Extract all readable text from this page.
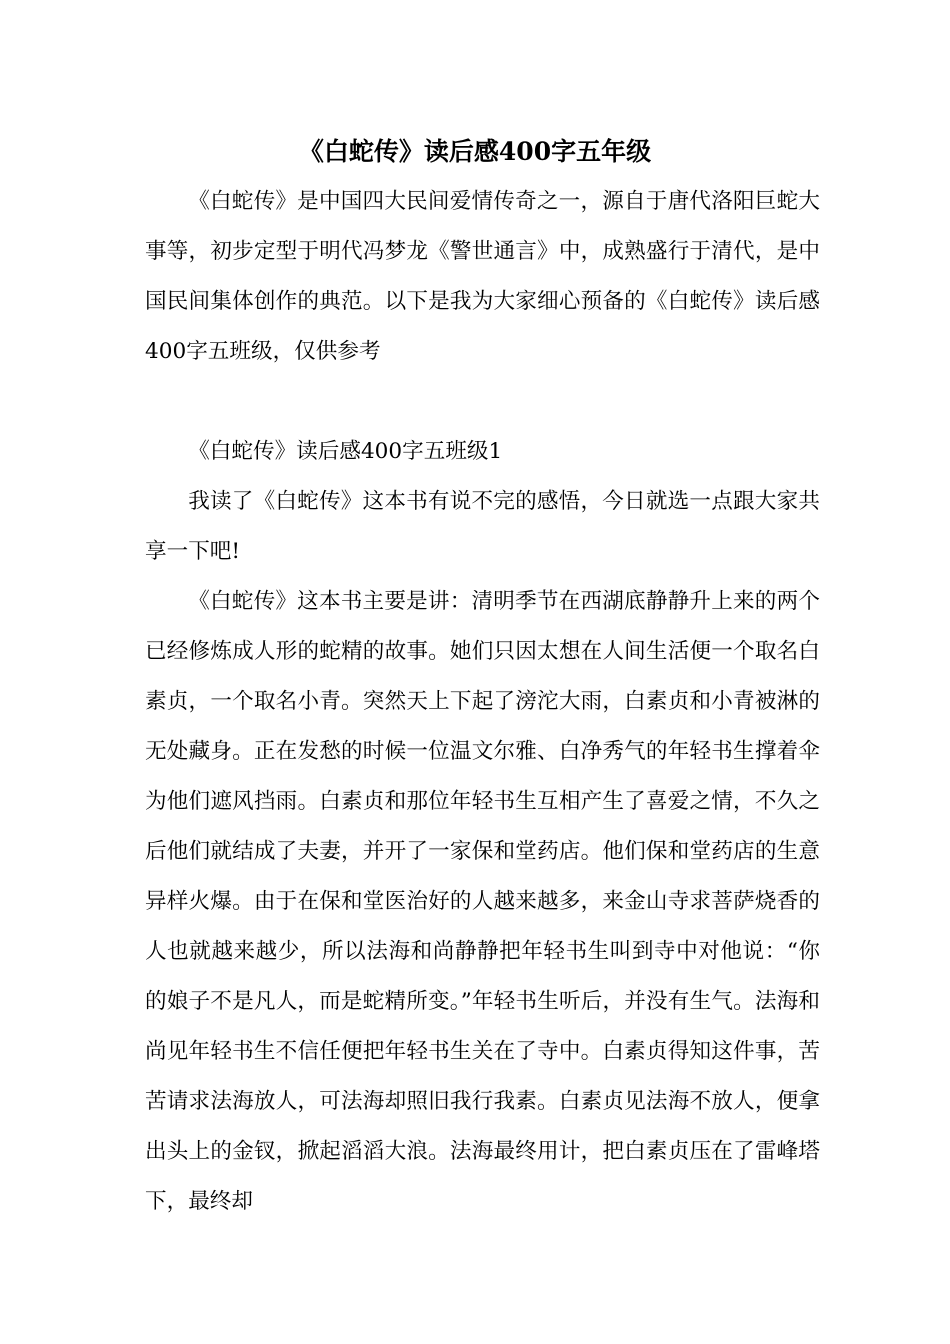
《白蛇传》读后感400字五年级

《白蛇传》是中国四大民间爱情传奇之一，源自于唐代洛阳巨蛇大事等，初步定型于明代冯梦龙《警世通言》中，成熟盛行于清代，是中国民间集体创作的典范。以下是我为大家细心预备的《白蛇传》读后感400字五班级，仅供参考

《白蛇传》读后感400字五班级1

我读了《白蛇传》这本书有说不完的感悟，今日就选一点跟大家共享一下吧!

《白蛇传》这本书主要是讲：清明季节在西湖底静静升上来的两个已经修炼成人形的蛇精的故事。她们只因太想在人间生活便一个取名白素贞，一个取名小青。突然天上下起了滂沱大雨，白素贞和小青被淋的无处藏身。正在发愁的时候一位温文尔雅、白净秀气的年轻书生撑着伞为他们遮风挡雨。白素贞和那位年轻书生互相产生了喜爱之情，不久之后他们就结成了夫妻，并开了一家保和堂药店。他们保和堂药店的生意异样火爆。由于在保和堂医治好的人越来越多，来金山寺求菩萨烧香的人也就越来越少，所以法海和尚静静把年轻书生叫到寺中对他说：“你的娘子不是凡人，而是蛇精所变。”年轻书生听后，并没有生气。法海和尚见年轻书生不信任便把年轻书生关在了寺中。白素贞得知这件事，苦苦请求法海放人，可法海却照旧我行我素。白素贞见法海不放人，便拿出头上的金钗，掀起滔滔大浪。法海最终用计，把白素贞压在了雷峰塔下，最终却
